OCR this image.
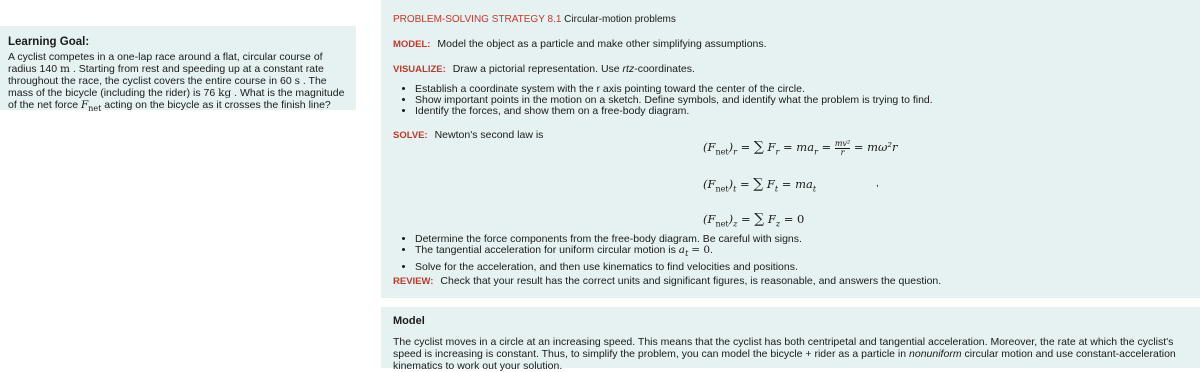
Learning Goal:
A cyclist competes in a one-lap race around a flat, circular course of radius 140 m . Starting from rest and speeding up at a constant rate throughout the race, the cyclist covers the entire course in 60 s . The mass of the bicycle (including the rider) is 76 kg . What is the magnitude of the net force $F_{net}$ acting on the bicycle as it crosses the finish line?
PROBLEM-SOLVING STRATEGY 8.1 Circular-motion problems
MODEL: Model the object as a particle and make other simplifying assumptions.
VISUALIZE: Draw a pictorial representation. Use rtz-coordinates.
• Establish a coordinate system with the r axis pointing toward the center of the circle.
• Show important points in the motion on a sketch. Define symbols, and identify what the problem is trying to find.
• Identify the forces, and show them on a free-body diagram.
SOLVE: Newton's second law is
$(F_{net})_r$ = ∑ $F_r = ma_r = \frac{\text{mv²}}{r} = m\omega^2r$
$(F_{net})_t$ = ∑ $F_t = ma_t$	,
$(F_{net})_z$ = ∑ $F_z = 0$
• Determine the force components from the free-body diagram. Be careful with signs.
• The tangential acceleration for uniform circular motion is $a_t = 0$.
• Solve for the acceleration, and then use kinematics to find velocities and positions.
REVIEW: Check that your result has the correct units and significant figures, is reasonable, and answers the question.
Model
The cyclist moves in a circle at an increasing speed. This means that the cyclist has both centripetal and tangential acceleration. Moreover, the rate at which the cyclist's speed is increasing is constant. Thus, to simplify the problem, you can model the bicycle + rider as a particle in nonuniform circular motion and use constant-acceleration kinematics to work out your solution.
